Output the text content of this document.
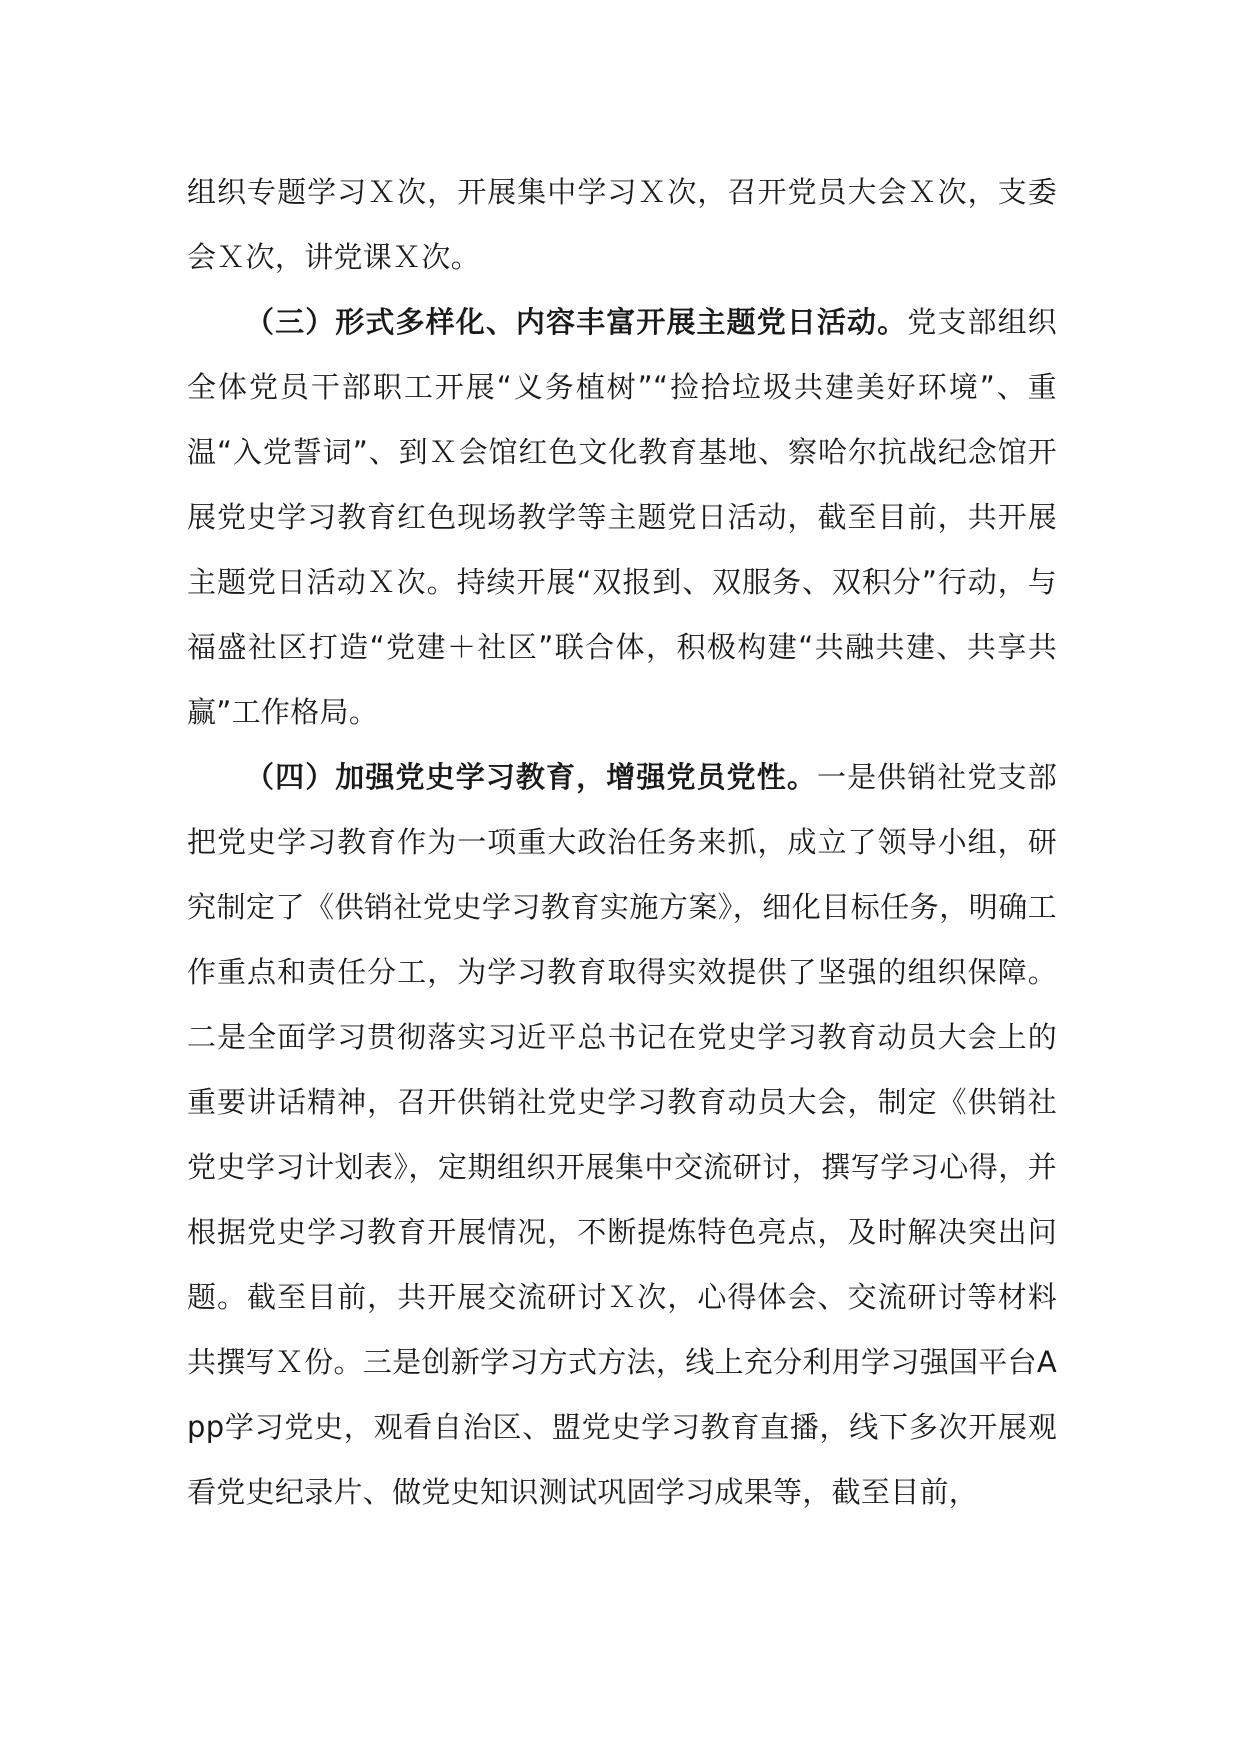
组织专题学习Ｘ次，开展集中学习Ｘ次，召开党员大会Ｘ次，支委会Ｘ次，讲党课Ｘ次。

（三）形式多样化、内容丰富开展主题党日活动。党支部组织全体党员干部职工开展“义务植树”“捡拾垃圾共建美好环境”、重温“入党誓词”、到Ｘ会馆红色文化教育基地、察哈尔抗战纪念馆开展党史学习教育红色现场教学等主题党日活动，截至目前，共开展主题党日活动Ｘ次。持续开展“双报到、双服务、双积分”行动，与福盛社区打造“党建＋社区”联合体，积极构建“共融共建、共享共赢”工作格局。

（四）加强党史学习教育，增强党员党性。一是供销社党支部把党史学习教育作为一项重大政治任务来抓，成立了领导小组，研究制定了《供销社党史学习教育实施方案》，细化目标任务，明确工作重点和责任分工，为学习教育取得实效提供了坚强的组织保障。二是全面学习贯彻落实习近平总书记在党史学习教育动员大会上的重要讲话精神，召开供销社党史学习教育动员大会，制定《供销社党史学习计划表》，定期组织开展集中交流研讨，撰写学习心得，并根据党史学习教育开展情况，不断提炼特色亮点，及时解决突出问题。截至目前，共开展交流研讨Ｘ次，心得体会、交流研讨等材料共撰写Ｘ份。三是创新学习方式方法，线上充分利用学习强国平台App学习党史，观看自治区、盟党史学习教育直播，线下多次开展观看党史纪录片、做党史知识测试巩固学习成果等，截至目前，
